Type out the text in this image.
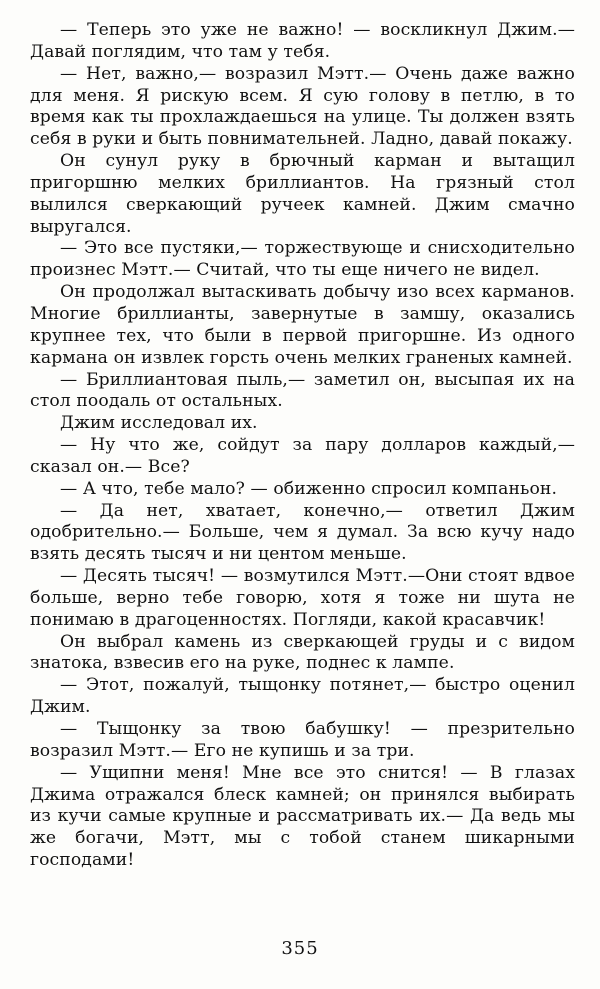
— Теперь это уже не важно! — воскликнул Джим.— Давай поглядим, что там у тебя.

— Нет, важно,— возразил Мэтт.— Очень даже важно для меня. Я рискую всем. Я сую голову в петлю, в то время как ты прохлаждаешься на улице. Ты должен взять себя в руки и быть повнимательней. Ладно, давай покажу.

Он сунул руку в брючный карман и вытащил пригоршню мелких бриллиантов. На грязный стол вылился сверкающий ручеек камней. Джим смачно выругался.

— Это все пустяки,— торжествующе и снисходительно произнес Мэтт.— Считай, что ты еще ничего не видел.

Он продолжал вытаскивать добычу изо всех карманов. Многие бриллианты, завернутые в замшу, оказались крупнее тех, что были в первой пригоршне. Из одного кармана он извлек горсть очень мелких граненых камней.

— Бриллиантовая пыль,— заметил он, высыпая их на стол поодаль от остальных.

Джим исследовал их.

— Ну что же, сойдут за пару долларов каждый,— сказал он.— Все?

— А что, тебе мало? — обиженно спросил компаньон.

— Да нет, хватает, конечно,— ответил Джим одобрительно.— Больше, чем я думал. За всю кучу надо взять десять тысяч и ни центом меньше.

— Десять тысяч! — возмутился Мэтт.—Они стоят вдвое больше, верно тебе говорю, хотя я тоже ни шута не понимаю в драгоценностях. Погляди, какой красавчик!

Он выбрал камень из сверкающей груды и с видом знатока, взвесив его на руке, поднес к лампе.

— Этот, пожалуй, тыщонку потянет,— быстро оценил Джим.

— Тыщонку за твою бабушку! — презрительно возразил Мэтт.— Его не купишь и за три.

— Ущипни меня! Мне все это снится! — В глазах Джима отражался блеск камней; он принялся выбирать из кучи самые крупные и рассматривать их.— Да ведь мы же богачи, Мэтт, мы с тобой станем шикарными господами!

355
